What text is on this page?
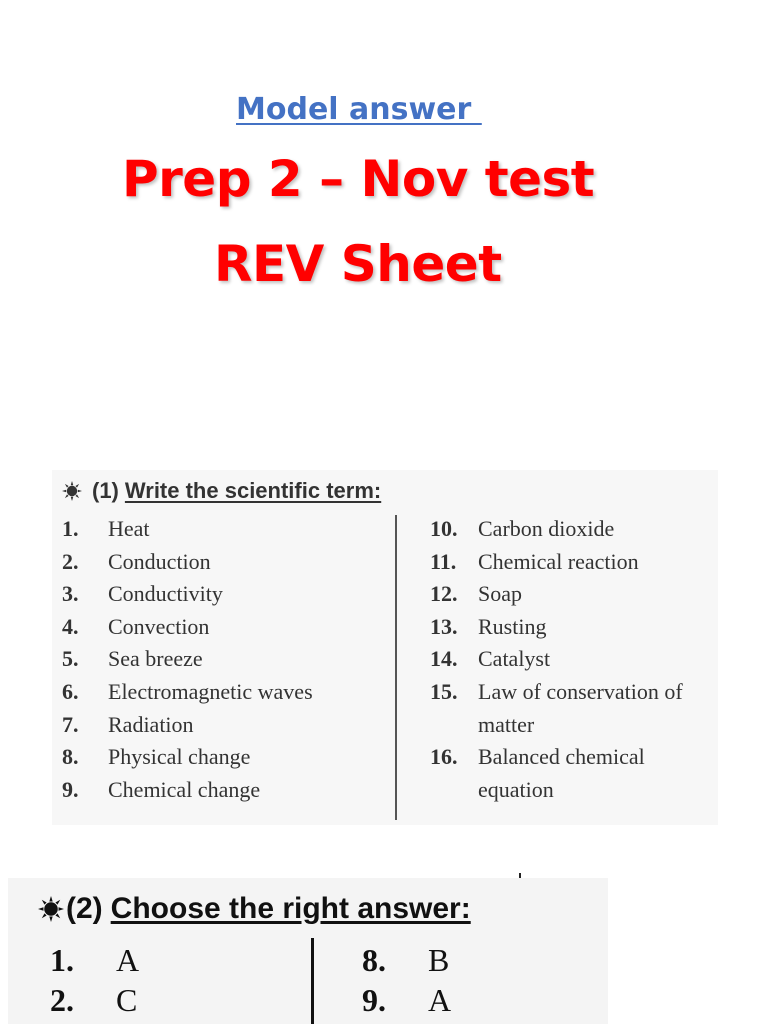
Model answer
Prep 2 – Nov test
REV Sheet
(1) Write the scientific term:
1.	Heat
2.	Conduction
3.	Conductivity
4.	Convection
5.	Sea breeze
6.	Electromagnetic waves
7.	Radiation
8.	Physical change
9.	Chemical change
10. Carbon dioxide
11. Chemical reaction
12. Soap
13. Rusting
14. Catalyst
15. Law of conservation of
matter
16. Balanced chemical
equation
(2) Choose the right answer:
1.	A
2.	C
8.	B
9.	A
